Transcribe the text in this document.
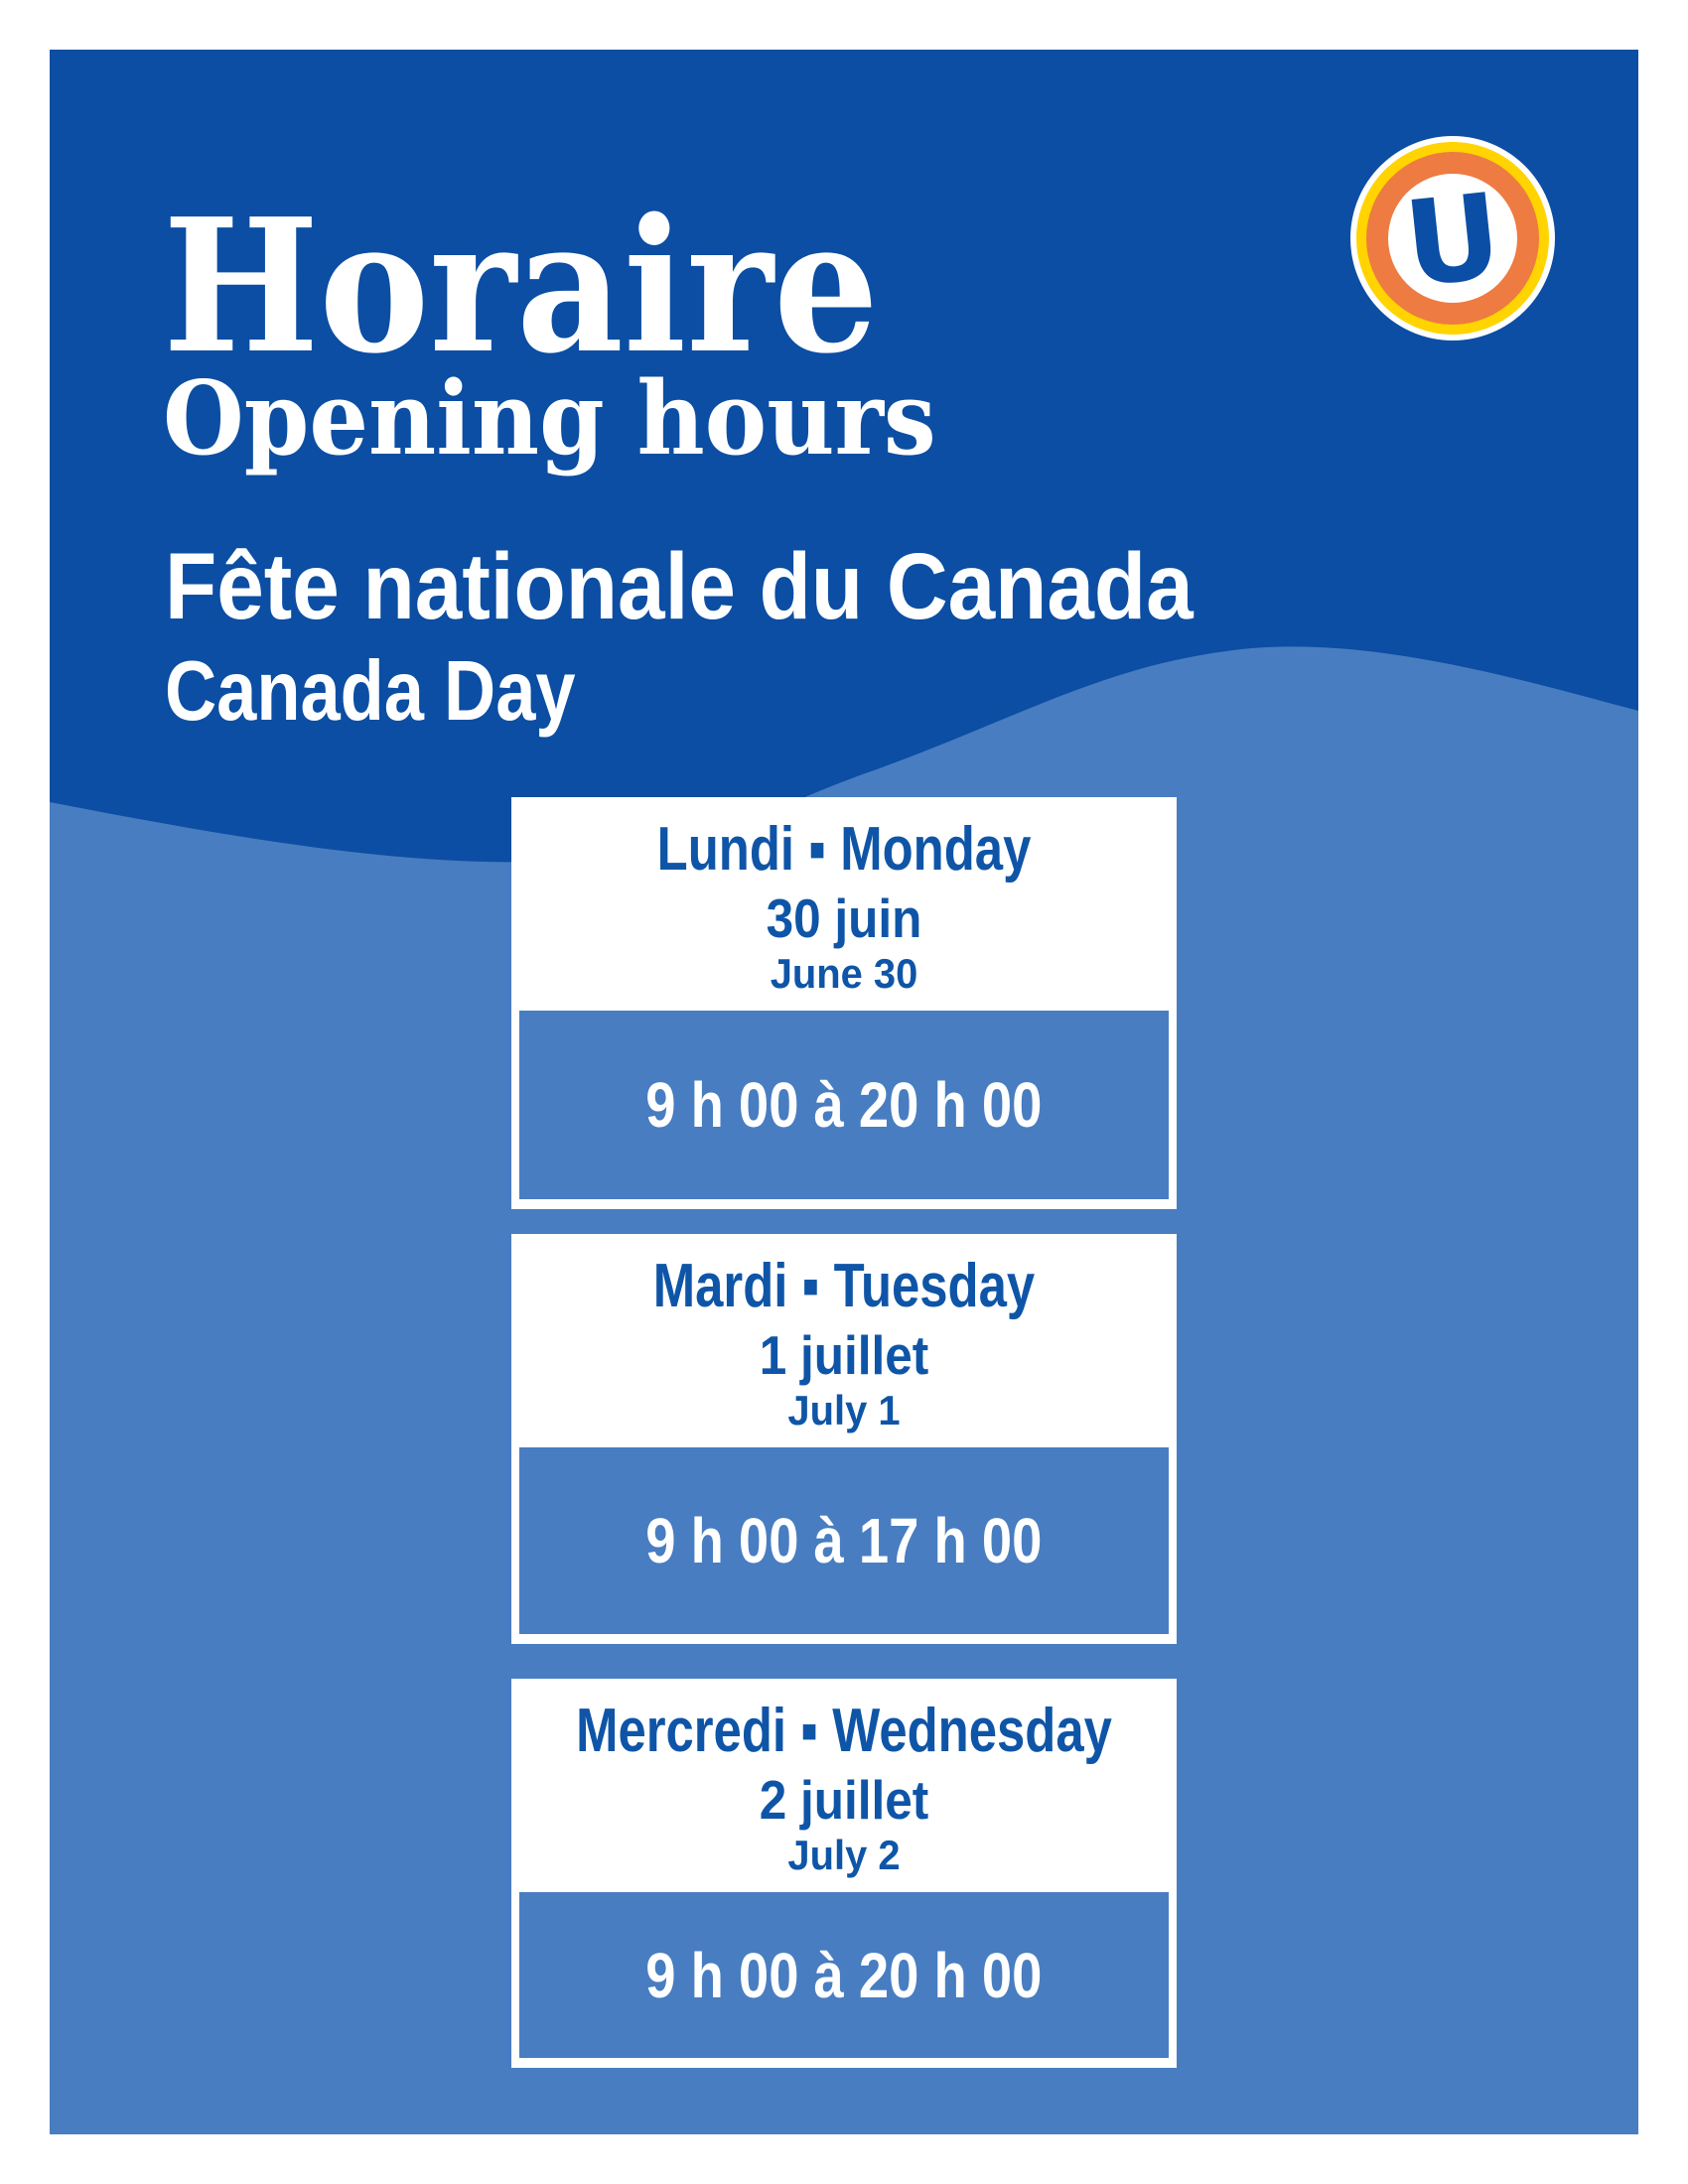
U
Horaire
Opening hours
Fête nationale du Canada
Canada Day
Lundi ▪ Monday
30 juin
June 30
9 h 00 à 20 h 00
Mardi ▪ Tuesday
1 juillet
July 1
9 h 00 à 17 h 00
Mercredi ▪ Wednesday
2 juillet
July 2
9 h 00 à 20 h 00
